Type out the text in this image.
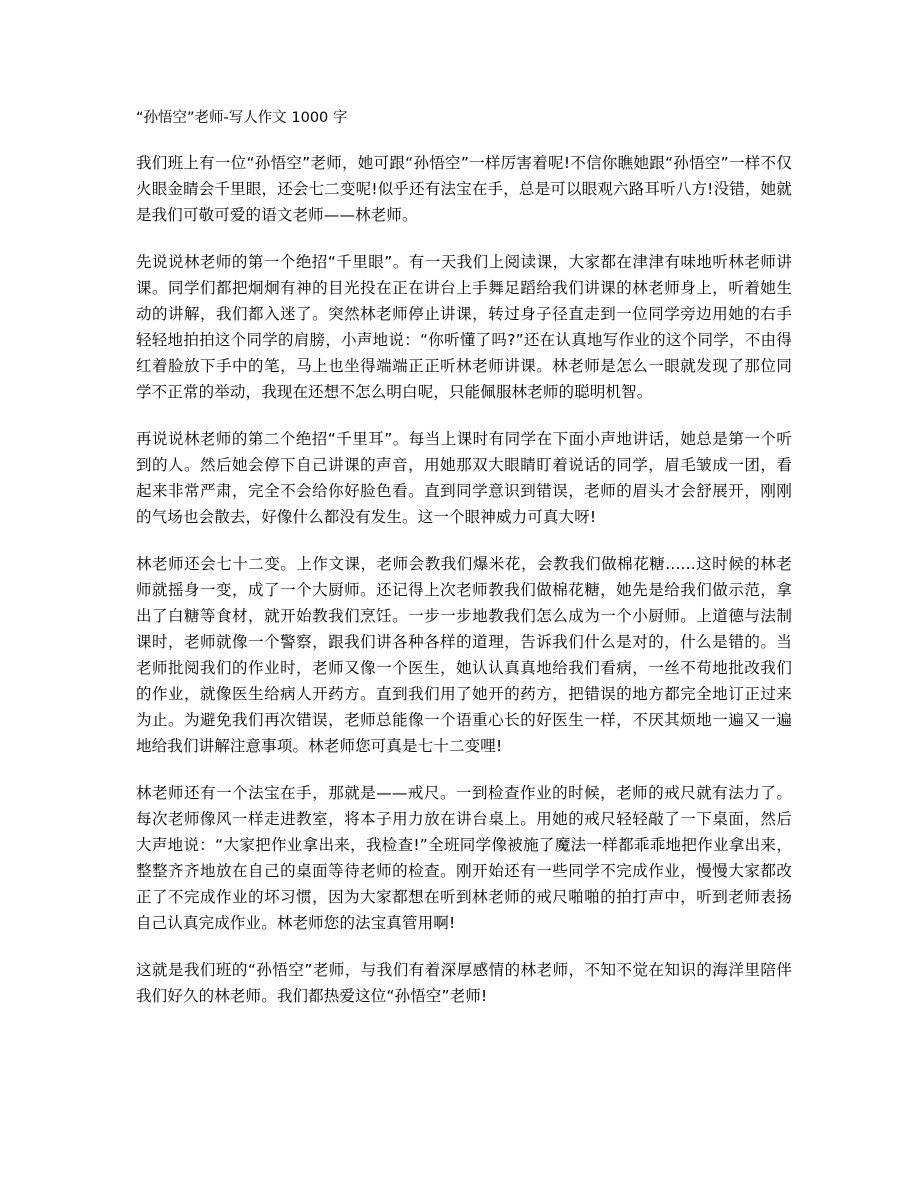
“孙悟空”老师-写人作文 1000 字

我们班上有一位“孙悟空”老师，她可跟“孙悟空”一样厉害着呢!不信你瞧她跟“孙悟空”一样不仅火眼金睛会千里眼，还会七二变呢!似乎还有法宝在手，总是可以眼观六路耳听八方!没错，她就是我们可敬可爱的语文老师——林老师。

先说说林老师的第一个绝招“千里眼”。有一天我们上阅读课，大家都在津津有味地听林老师讲课。同学们都把炯炯有神的目光投在正在讲台上手舞足蹈给我们讲课的林老师身上，听着她生动的讲解，我们都入迷了。突然林老师停止讲课，转过身子径直走到一位同学旁边用她的右手轻轻地拍拍这个同学的肩膀，小声地说：“你听懂了吗?”还在认真地写作业的这个同学，不由得红着脸放下手中的笔，马上也坐得端端正正听林老师讲课。林老师是怎么一眼就发现了那位同学不正常的举动，我现在还想不怎么明白呢，只能佩服林老师的聪明机智。

再说说林老师的第二个绝招“千里耳”。每当上课时有同学在下面小声地讲话，她总是第一个听到的人。然后她会停下自己讲课的声音，用她那双大眼睛盯着说话的同学，眉毛皱成一团，看起来非常严肃，完全不会给你好脸色看。直到同学意识到错误，老师的眉头才会舒展开，刚刚的气场也会散去，好像什么都没有发生。这一个眼神威力可真大呀!

林老师还会七十二变。上作文课，老师会教我们爆米花，会教我们做棉花糖......这时候的林老师就摇身一变，成了一个大厨师。还记得上次老师教我们做棉花糖，她先是给我们做示范，拿出了白糖等食材，就开始教我们烹饪。一步一步地教我们怎么成为一个小厨师。上道德与法制课时，老师就像一个警察，跟我们讲各种各样的道理，告诉我们什么是对的，什么是错的。当老师批阅我们的作业时，老师又像一个医生，她认认真真地给我们看病，一丝不苟地批改我们的作业，就像医生给病人开药方。直到我们用了她开的药方，把错误的地方都完全地订正过来为止。为避免我们再次错误，老师总能像一个语重心长的好医生一样，不厌其烦地一遍又一遍地给我们讲解注意事项。林老师您可真是七十二变哩!

林老师还有一个法宝在手，那就是——戒尺。一到检查作业的时候，老师的戒尺就有法力了。每次老师像风一样走进教室，将本子用力放在讲台桌上。用她的戒尺轻轻敲了一下桌面，然后大声地说：“大家把作业拿出来，我检查!”全班同学像被施了魔法一样都乖乖地把作业拿出来，整整齐齐地放在自己的桌面等待老师的检查。刚开始还有一些同学不完成作业，慢慢大家都改正了不完成作业的坏习惯，因为大家都想在听到林老师的戒尺啪啪的拍打声中，听到老师表扬自己认真完成作业。林老师您的法宝真管用啊!

这就是我们班的“孙悟空”老师，与我们有着深厚感情的林老师，不知不觉在知识的海洋里陪伴我们好久的林老师。我们都热爱这位“孙悟空”老师!
